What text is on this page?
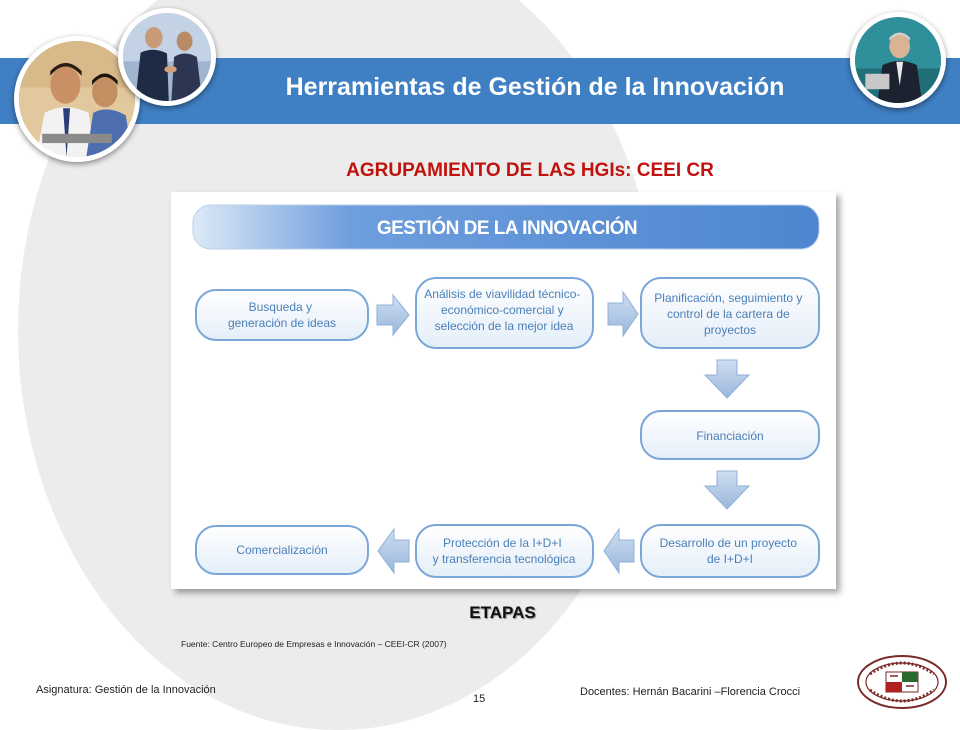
Herramientas de Gestión de la Innovación
AGRUPAMIENTO DE LAS HGIs: CEEI CR
GESTIÓN DE LA INNOVACIÓN
Busqueda y generación de ideas
Análisis de viavilidad técnico- económico-comercial y selección de la mejor idea
Planificación, seguimiento y control de la cartera de proyectos
Financiación
Desarrollo de un proyecto de I+D+I
Protección de la I+D+I y transferencia tecnológica
Comercialización
ETAPAS
Fuente: Centro Europeo de Empresas e Innovación – CEEI-CR (2007)
Asignatura: Gestión de la Innovación
15
Docentes: Hernán Bacarini –Florencia Crocci
